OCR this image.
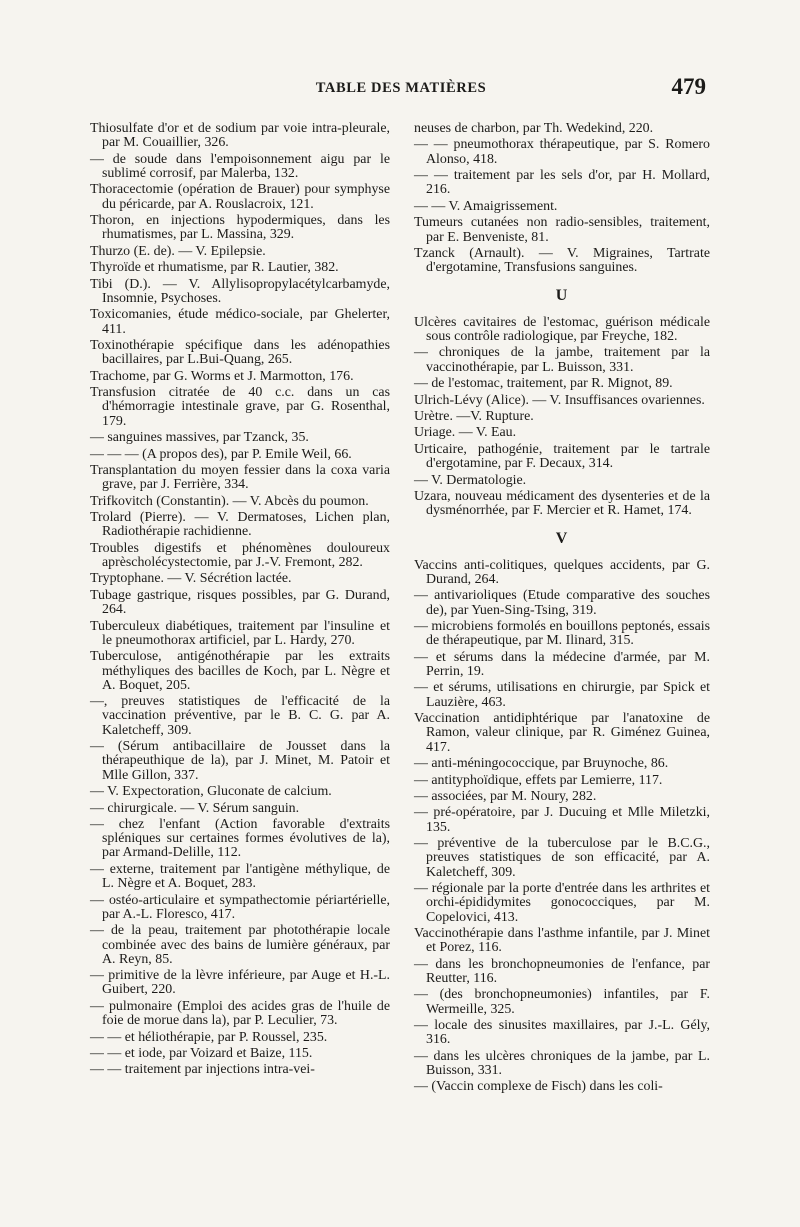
TABLE DES MATIÈRES	479
Thiosulfate d'or et de sodium par voie intra-pleurale, par M. Couaillier, 326.
— de soude dans l'empoisonnement aigu par le sublimé corrosif, par Malerba, 132.
Thoracectomie (opération de Brauer) pour symphyse du péricarde, par A. Rouslacroix, 121.
Thoron, en injections hypodermiques, dans les rhumatismes, par L. Massina, 329.
Thurzo (E. de). — V. Epilepsie.
Thyroïde et rhumatisme, par R. Lautier, 382.
Tibi (D.). — V. Allylisopropylacétylcarbamyde, Insomnie, Psychoses.
Toxicomanies, étude médico-sociale, par Ghelerter, 411.
Toxinothérapie spécifique dans les adénopathies bacillaires, par L.Bui-Quang, 265.
Trachome, par G. Worms et J. Marmotton, 176.
Transfusion citratée de 40 c.c. dans un cas d'hémorragie intestinale grave, par G. Rosenthal, 179.
— sanguines massives, par Tzanck, 35.
— — — (A propos des), par P. Emile Weil, 66.
Transplantation du moyen fessier dans la coxa varia grave, par J. Ferrière, 334.
Trifkovitch (Constantin). — V. Abcès du poumon.
Trolard (Pierre). — V. Dermatoses, Lichen plan, Radiothérapie rachidienne.
Troubles digestifs et phénomènes douloureux aprèscholécystectomie, par J.-V. Fremont, 282.
Tryptophane. — V. Sécrétion lactée.
Tubage gastrique, risques possibles, par G. Durand, 264.
Tuberculeux diabétiques, traitement par l'insuline et le pneumothorax artificiel, par L. Hardy, 270.
Tuberculose, antigénothérapie par les extraits méthyliques des bacilles de Koch, par L. Nègre et A. Boquet, 205.
—, preuves statistiques de l'efficacité de la vaccination préventive, par le B. C. G. par A. Kaletcheff, 309.
— (Sérum antibacillaire de Jousset dans la thérapeuthique de la), par J. Minet, M. Patoir et Mlle Gillon, 337.
— V. Expectoration, Gluconate de calcium.
— chirurgicale. — V. Sérum sanguin.
— chez l'enfant (Action favorable d'extraits spléniques sur certaines formes évolutives de la), par Armand-Delille, 112.
— externe, traitement par l'antigène méthylique, de L. Nègre et A. Boquet, 283.
— ostéo-articulaire et sympathectomie périartérielle, par A.-L. Floresco, 417.
— de la peau, traitement par photothérapie locale combinée avec des bains de lumière généraux, par A. Reyn, 85.
— primitive de la lèvre inférieure, par Auge et H.-L. Guibert, 220.
— pulmonaire (Emploi des acides gras de l'huile de foie de morue dans la), par P. Leculier, 73.
— — et héliothérapie, par P. Roussel, 235.
— — et iode, par Voizard et Baize, 115.
— — traitement par injections intra-vei-
neuses de charbon, par Th. Wedekind, 220.
— — pneumothorax thérapeutique, par S. Romero Alonso, 418.
— — traitement par les sels d'or, par H. Mollard, 216.
— — V. Amaigrissement.
Tumeurs cutanées non radio-sensibles, traitement, par E. Benveniste, 81.
Tzanck (Arnault). — V. Migraines, Tartrate d'ergotamine, Transfusions sanguines.
U
Ulcères cavitaires de l'estomac, guérison médicale sous contrôle radiologique, par Freyche, 182.
— chroniques de la jambe, traitement par la vaccinothérapie, par L. Buisson, 331.
— de l'estomac, traitement, par R. Mignot, 89.
Ulrich-Lévy (Alice). — V. Insuffisances ovariennes.
Urètre. —V. Rupture.
Uriage. — V. Eau.
Urticaire, pathogénie, traitement par le tartrale d'ergotamine, par F. Decaux, 314.
— V. Dermatologie.
Uzara, nouveau médicament des dysenteries et de la dysménorrhée, par F. Mercier et R. Hamet, 174.
V
Vaccins anti-colitiques, quelques accidents, par G. Durand, 264.
— antivarioliques (Etude comparative des souches de), par Yuen-Sing-Tsing, 319.
— microbiens formolés en bouillons peptonés, essais de thérapeutique, par M. Ilinard, 315.
— et sérums dans la médecine d'armée, par M. Perrin, 19.
— et sérums, utilisations en chirurgie, par Spick et Lauzière, 463.
Vaccination antidiphtérique par l'anatoxine de Ramon, valeur clinique, par R. Giménez Guinea, 417.
— anti-méningococcique, par Bruynoche, 86.
— antityphoïdique, effets par Lemierre, 117.
— associées, par M. Noury, 282.
— pré-opératoire, par J. Ducuing et Mlle Miletzki, 135.
— préventive de la tuberculose par le B.C.G., preuves statistiques de son efficacité, par A. Kaletcheff, 309.
— régionale par la porte d'entrée dans les arthrites et orchi-épididymites gonococciques, par M. Copelovici, 413.
Vaccinothérapie dans l'asthme infantile, par J. Minet et Porez, 116.
— dans les bronchopneumonies de l'enfance, par Reutter, 116.
— (des bronchopneumonies) infantiles, par F. Wermeille, 325.
— locale des sinusites maxillaires, par J.-L. Gély, 316.
— dans les ulcères chroniques de la jambe, par L. Buisson, 331.
— (Vaccin complexe de Fisch) dans les coli-
